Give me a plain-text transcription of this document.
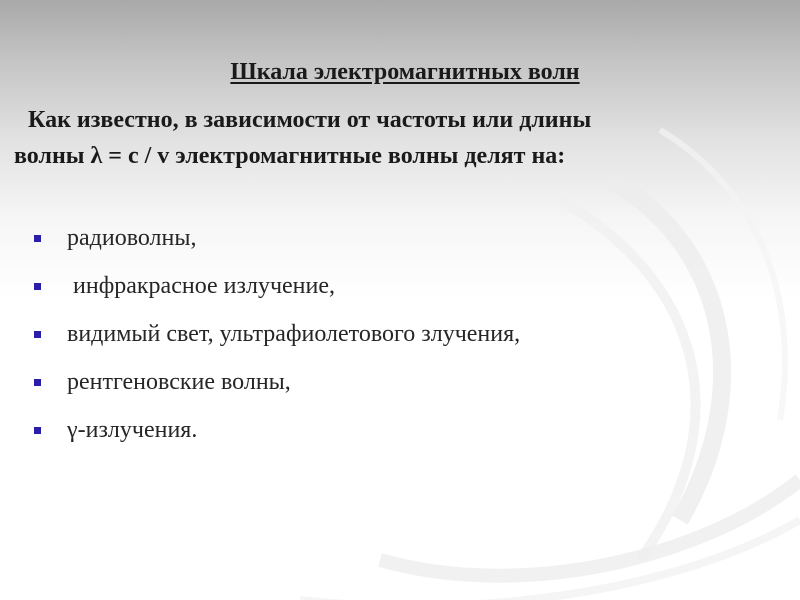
Шкала электромагнитных волн
Как известно, в зависимости от частоты или длины
волны λ = c / v электромагнитные волны делят на:
радиоволны,
инфракрасное излучение,
видимый свет, ультрафиолетового злучения,
рентгеновские волны,
γ-излучения.
